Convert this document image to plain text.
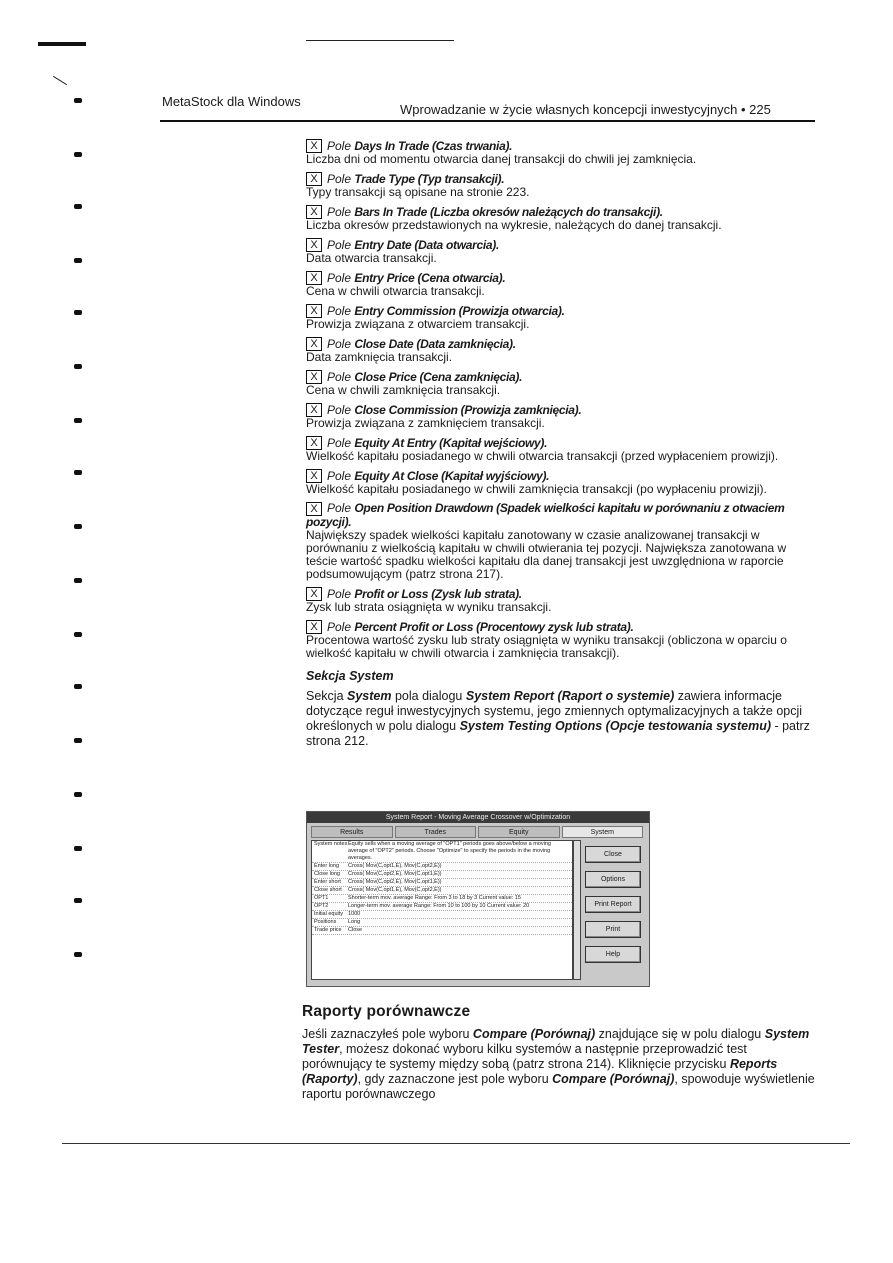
MetaStock dla Windows
Wprowadzanie w życie własnych koncepcji inwestycyjnych • 225
X Pole
Days In Trade (Czas trwania).
Liczba dni od momentu otwarcia danej transakcji do chwili jej zamknięcia.
X Pole
Trade Type (Typ transakcji).
Typy transakcji są opisane na stronie 223.
X Pole
Bars In Trade (Liczba okresów należących do transakcji).
Liczba okresów przedstawionych na wykresie, należących do danej transakcji.
X Pole
Entry Date (Data otwarcia).
Data otwarcia transakcji.
X Pole
Entry Price (Cena otwarcia).
Cena w chwili otwarcia transakcji.
X Pole
Entry Commission (Prowizja otwarcia).
Prowizja związana z otwarciem transakcji.
X Pole
Close Date (Data zamknięcia).
Data zamknięcia transakcji.
X Pole
Close Price (Cena zamknięcia).
Cena w chwili zamknięcia transakcji.
X Pole
Close Commission (Prowizja zamknięcia).
Prowizja związana z zamknięciem transakcji.
X Pole
Equity At Entry (Kapitał wejściowy).
Wielkość kapitału posiadanego w chwili otwarcia transakcji (przed wypłaceniem prowizji).
X Pole
Equity At Close (Kapitał wyjściowy).
Wielkość kapitału posiadanego w chwili zamknięcia transakcji (po wypłaceniu prowizji).
X Pole Open Position Drawdown (Spadek wielkości kapitału w porównaniu z otwaciem pozycji).
Największy spadek wielkości kapitału zanotowany w czasie analizowanej transakcji w porównaniu z wielkością kapitału w chwili otwierania tej pozycji. Największa zanotowana w teście wartość spadku wielkości kapitału dla danej transakcji jest uwzględniona w raporcie podsumowującym (patrz strona 217).
X Pole
Profit or Loss (Zysk lub strata).
Zysk lub strata osiągnięta w wyniku transakcji.
X Pole
Percent Profit or Loss (Procentowy zysk lub strata).
Procentowa wartość zysku lub straty osiągnięta w wyniku transakcji (obliczona w oparciu o wielkość kapitału w chwili otwarcia i zamknięcia transakcji).
Sekcja System
Sekcja System pola dialogu System Report (Raport o systemie) zawiera informacje dotyczące reguł inwestycyjnych systemu, jego zmiennych optymalizacyjnych a także opcji określonych w polu dialogu System Testing Options (Opcje testowania systemu) - patrz strona 212.
System Report - Moving Average Crossover w/Optimization
Results	Trades	Equity	System
System notes Equity sells when a moving average of "OPT1" periods goes above/below a moving average of "OPT2" periods. Choose "Optimize" to specify the periods in the moving averages.
Enter long	Cross( Mov(C,opt1,E), Mov(C,opt2,E))
Close long	Cross( Mov(C,opt2,E), Mov(C,opt1,E))
Enter short	Cross( Mov(C,opt2,E), Mov(C,opt1,E))
Close short	Cross( Mov(C,opt1,E), Mov(C,opt2,E))
OPT1	Shorter-term mov. average Range: From 3 to 18 by 3 Current value: 15
OPT2	Longer-term mov. average Range: From 10 to 100 by 10 Current value: 20
Initial equity 1000
Positions	Long
Trade price	Close
Close
Options
Print Report
Print
Help
Raporty porównawcze
Jeśli zaznaczyłeś pole wyboru Compare (Porównaj) znajdujące się w polu dialogu System Tester, możesz dokonać wyboru kilku systemów a następnie przeprowadzić test porównujący te systemy między sobą (patrz strona 214). Kliknięcie przycisku Reports (Raporty), gdy zaznaczone jest pole wyboru Compare (Porównaj), spowoduje wyświetlenie raportu porównawczego
